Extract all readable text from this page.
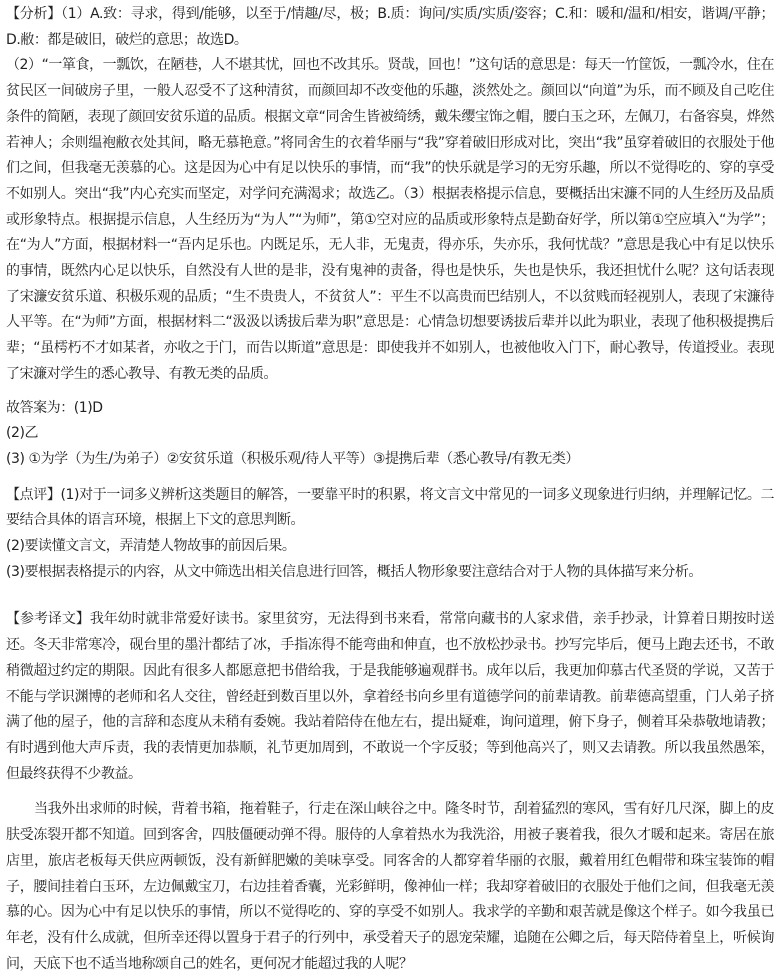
【分析】（1）A.致：寻求，得到/能够，以至于/情趣/尽，极；B.质：询问/实质/实质/姿容；C.和：暖和/温和/相安，谐调/平静；D.敝：都是破旧，破烂的意思；故选D。
（2）“一箪食，一瓢饮，在陋巷，人不堪其忧，回也不改其乐。贤哉，回也！”这句话的意思是：每天一竹筐饭，一瓢冷水，住在贫民区一间破房子里，一般人忍受不了这种清贫，而颜回却不改变他的乐趣，淡然处之。颜回以“向道”为乐，而不顾及自己吃住条件的简陋，表现了颜回安贫乐道的品质。根据文章“同舍生皆被绮绣，戴朱缨宝饰之帽，腰白玉之环，左佩刀，右备容臭，烨然若神人；余则缊袍敝衣处其间，略无慕艳意。”将同舍生的衣着华丽与“我”穿着破旧形成对比，突出“我”虽穿着破旧的衣服处于他们之间，但我毫无羡慕的心。这是因为心中有足以快乐的事情，而“我”的快乐就是学习的无穷乐趣，所以不觉得吃的、穿的享受不如别人。突出“我”内心充实而坚定，对学问充满渴求；故选乙。（3）根据表格提示信息，要概括出宋濂不同的人生经历及品质或形象特点。根据提示信息，人生经历为“为人”“为师”，第①空对应的品质或形象特点是勤奋好学，所以第①空应填入“为学”；在“为人”方面，根据材料一“吾内足乐也。内既足乐，无人非，无鬼责，得亦乐，失亦乐，我何忧哉？”意思是我心中有足以快乐的事情，既然内心足以快乐，自然没有人世的是非，没有鬼神的责备，得也是快乐，失也是快乐，我还担忧什么呢？这句话表现了宋濂安贫乐道、积极乐观的品质；“生不贵贵人，不贫贫人”：平生不以高贵而巴结别人，不以贫贱而轻视别人，表现了宋濂待人平等。在“为师”方面，根据材料二“汲汲以诱拔后辈为职”意思是：心情急切想要诱拔后辈并以此为职业，表现了他积极提携后辈；“虽樗朽不才如某者，亦收之于门，而告以斯道”意思是：即使我并不如别人，也被他收入门下，耐心教导，传道授业。表现了宋濂对学生的悉心教导、有教无类的品质。

故答案为：(1)D

(2)乙

(3) ①为学（为生/为弟子）②安贫乐道（积极乐观/待人平等）③提携后辈（悉心教导/有教无类）

【点评】(1)对于一词多义辨析这类题目的解答，一要靠平时的积累，将文言文中常见的一词多义现象进行归纳，并理解记忆。二要结合具体的语言环境，根据上下文的意思判断。

(2)要读懂文言文，弄清楚人物故事的前因后果。

(3)要根据表格提示的内容，从文中筛选出相关信息进行回答，概括人物形象要注意结合对于人物的具体描写来分析。

【参考译文】我年幼时就非常爱好读书。家里贫穷，无法得到书来看，常常向藏书的人家求借，亲手抄录，计算着日期按时送还。冬天非常寒冷，砚台里的墨汁都结了冰，手指冻得不能弯曲和伸直，也不放松抄录书。抄写完毕后，便马上跑去还书，不敢稍微超过约定的期限。因此有很多人都愿意把书借给我，于是我能够遍观群书。成年以后，我更加仰慕古代圣贤的学说，又苦于不能与学识渊博的老师和名人交往，曾经赶到数百里以外，拿着经书向乡里有道德学问的前辈请教。前辈德高望重，门人弟子挤满了他的屋子，他的言辞和态度从未稍有委婉。我站着陪侍在他左右，提出疑难，询问道理，俯下身子，侧着耳朵恭敬地请教；有时遇到他大声斥责，我的表情更加恭顺，礼节更加周到，不敢说一个字反驳；等到他高兴了，则又去请教。所以我虽然愚笨，但最终获得不少教益。

当我外出求师的时候，背着书箱，拖着鞋子，行走在深山峡谷之中。隆冬时节，刮着猛烈的寒风，雪有好几尺深，脚上的皮肤受冻裂开都不知道。回到客舍，四肢僵硬动弹不得。服侍的人拿着热水为我洗浴，用被子裹着我，很久才暖和起来。寄居在旅店里，旅店老板每天供应两顿饭，没有新鲜肥嫩的美味享受。同客舍的人都穿着华丽的衣服，戴着用红色帽带和珠宝装饰的帽子，腰间挂着白玉环，左边佩戴宝刀，右边挂着香囊，光彩鲜明，像神仙一样；我却穿着破旧的衣服处于他们之间，但我毫无羡慕的心。因为心中有足以快乐的事情，所以不觉得吃的、穿的享受不如别人。我求学的辛勤和艰苦就是像这个样子。如今我虽已年老，没有什么成就，但所幸还得以置身于君子的行列中，承受着天子的恩宠荣耀，追随在公卿之后，每天陪侍着皇上，听候询问，天底下也不适当地称颂自己的姓名，更何况才能超过我的人呢？
